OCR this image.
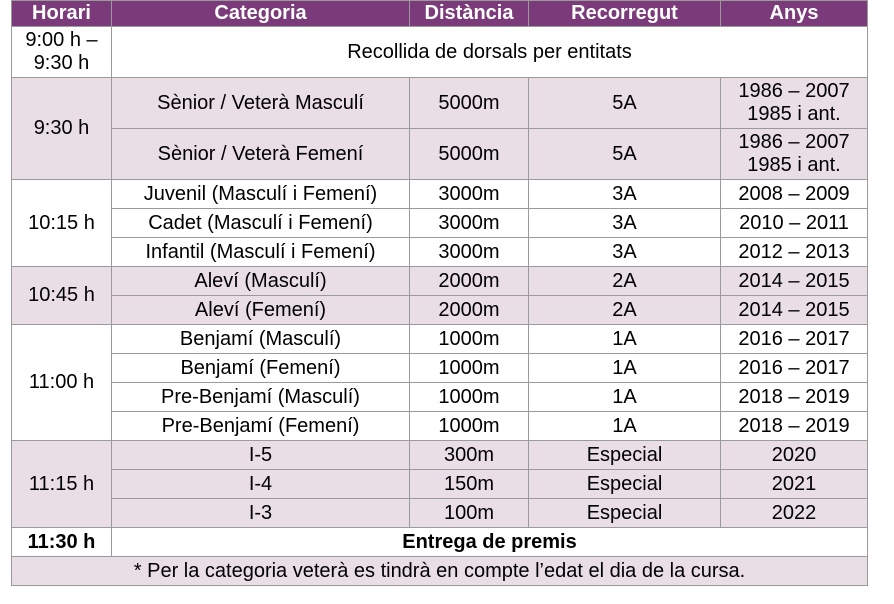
Horari	Categoria	Distància	Recorregut	Anys
9:00 h – 9:30 h	Recollida de dorsals per entitats			
9:30 h	Sènior / Veterà Masculí	5000m	5A	1986 – 2007
1985 i ant.

	Sènior / Veterà Femení	5000m	5A	1986 – 2007
1985 i ant.

10:15 h	Juvenil (Masculí i Femení)	3000m	3A	2008 – 2009
	Cadet (Masculí i Femení)	3000m	3A	2010 – 2011
	Infantil (Masculí i Femení)	3000m	3A	2012 – 2013
10:45 h	Aleví (Masculí)	2000m	2A	2014 – 2015
	Aleví (Femení)	2000m	2A	2014 – 2015
11:00 h	Benjamí (Masculí)	1000m	1A	2016 – 2017
	Benjamí (Femení)	1000m	1A	2016 – 2017
	Pre-Benjamí (Masculí)	1000m	1A	2018 – 2019
	Pre-Benjamí (Femení)	1000m	1A	2018 – 2019
11:15 h	I-5	300m	Especial	2020
	I-4	150m	Especial	2021
	I-3	100m	Especial	2022
11:30 h	Entrega de premis			
* Per la categoria veterà es tindrà en compte l’edat el dia de la cursa.				
